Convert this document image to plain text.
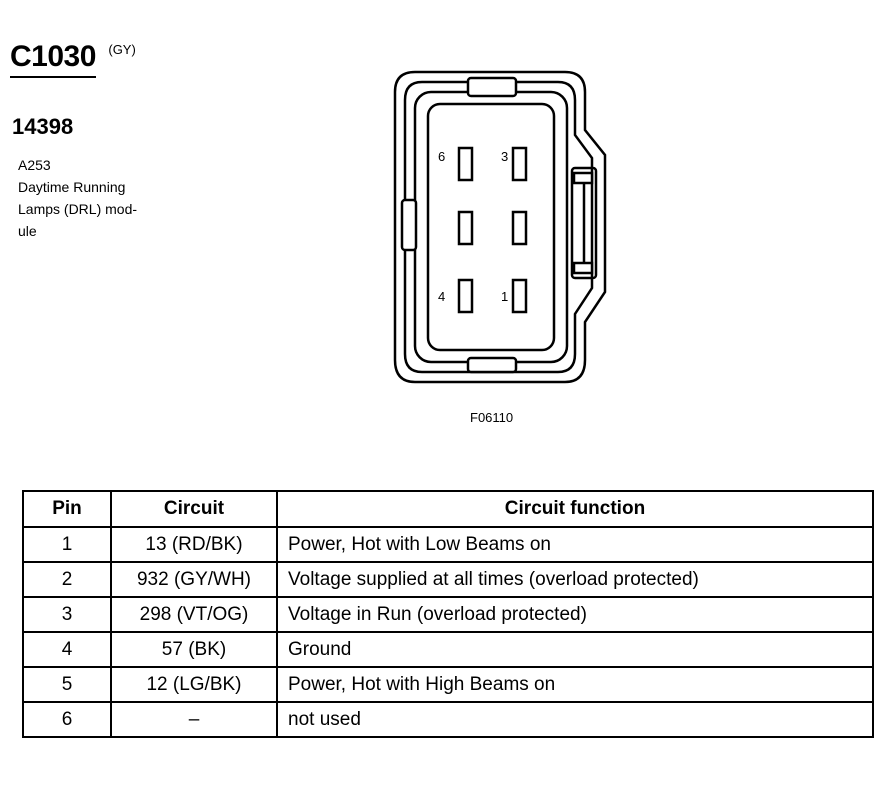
C1030 $^{(GY)}$
14398
A253
Daytime Running
Lamps (DRL) mod-
ule
6	3
4	1
F06110
Pin	Circuit	Circuit function
1	13 (RD/BK)	Power, Hot with Low Beams on
2	932 (GY/WH)	Voltage supplied at all times (overload protected)
3	298 (VT/OG)	Voltage in Run (overload protected)
4	57 (BK)	Ground
5	12 (LG/BK)	Power, Hot with High Beams on
6	–	not used
